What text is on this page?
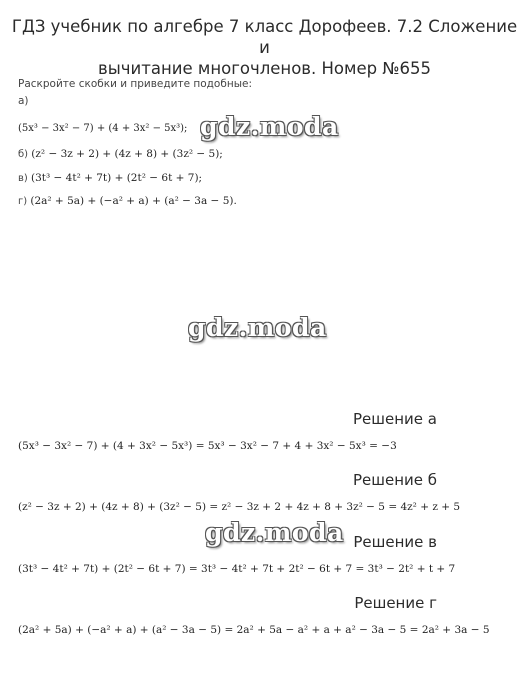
ГДЗ учебник по алгебре 7 класс Дорофеев. 7.2 Сложение и
вычитание многочленов. Номер №655
Раскройте скобки и приведите подобные:
а)
(5x³ − 3x² − 7) + (4 + 3x² − 5x³);
б) (z² − 3z + 2) + (4z + 8) + (3z² − 5);
в) (3t³ − 4t² + 7t) + (2t² − 6t + 7);
г) (2a² + 5a) + (−a² + a) + (a² − 3a − 5).
gdz.moda
gdz.moda
Решение а
(5x³ − 3x² − 7) + (4 + 3x² − 5x³) = 5x³ − 3x² − 7 + 4 + 3x² − 5x³ = −3
Решение б
(z² − 3z + 2) + (4z + 8) + (3z² − 5) = z² − 3z + 2 + 4z + 8 + 3z² − 5 = 4z² + z + 5
gdz.moda Решение в
(3t³ − 4t² + 7t) + (2t² − 6t + 7) = 3t³ − 4t² + 7t + 2t² − 6t + 7 = 3t³ − 2t² + t + 7
Решение г
(2a² + 5a) + (−a² + a) + (a² − 3a − 5) = 2a² + 5a − a² + a + a² − 3a − 5 = 2a² + 3a − 5
